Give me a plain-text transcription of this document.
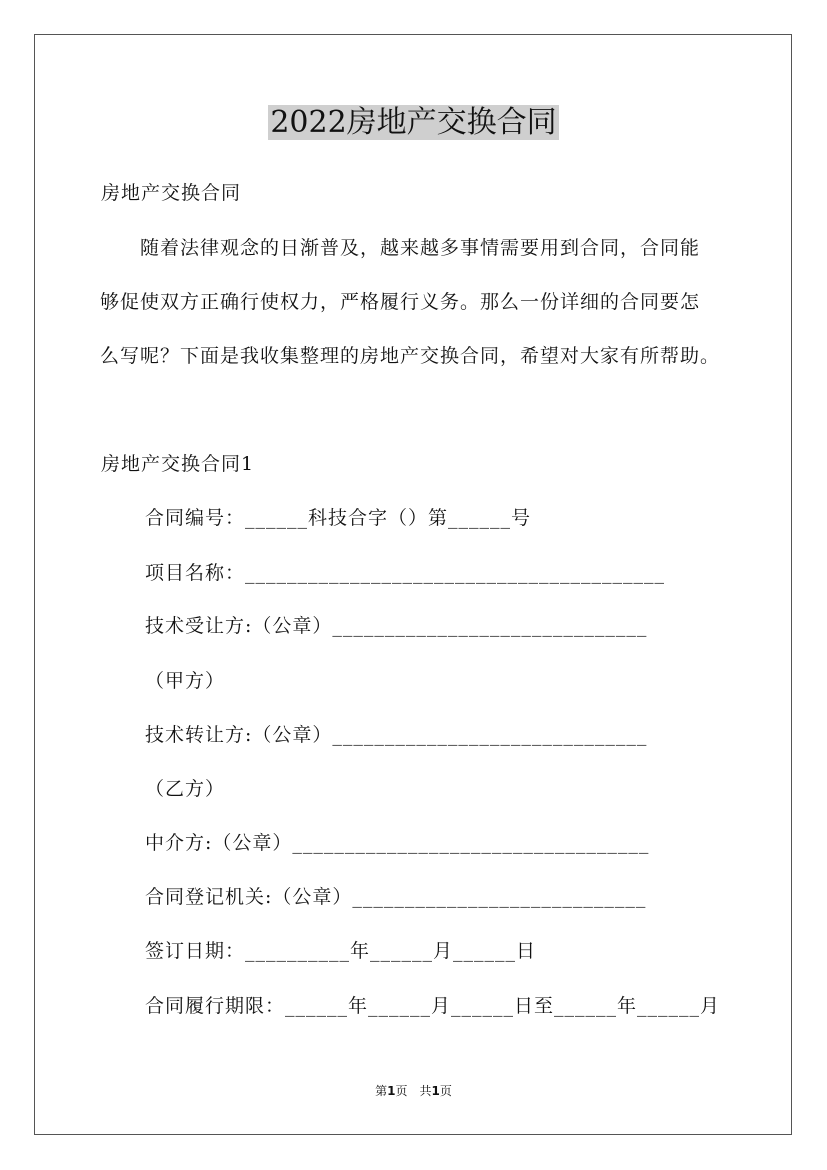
2022房地产交换合同
房地产交换合同
　　随着法律观念的日渐普及，越来越多事情需要用到合同，合同能
够促使双方正确行使权力，严格履行义务。那么一份详细的合同要怎
么写呢？下面是我收集整理的房地产交换合同，希望对大家有所帮助。
房地产交换合同1
合同编号：______科技合字（）第______号
项目名称：________________________________________
技术受让方:（公章）______________________________
（甲方）
技术转让方:（公章）______________________________
（乙方）
中介方:（公章）__________________________________
合同登记机关:（公章）____________________________
签订日期：__________年______月______日
合同履行期限：______年______月______日至______年______月
第1页　共1页
